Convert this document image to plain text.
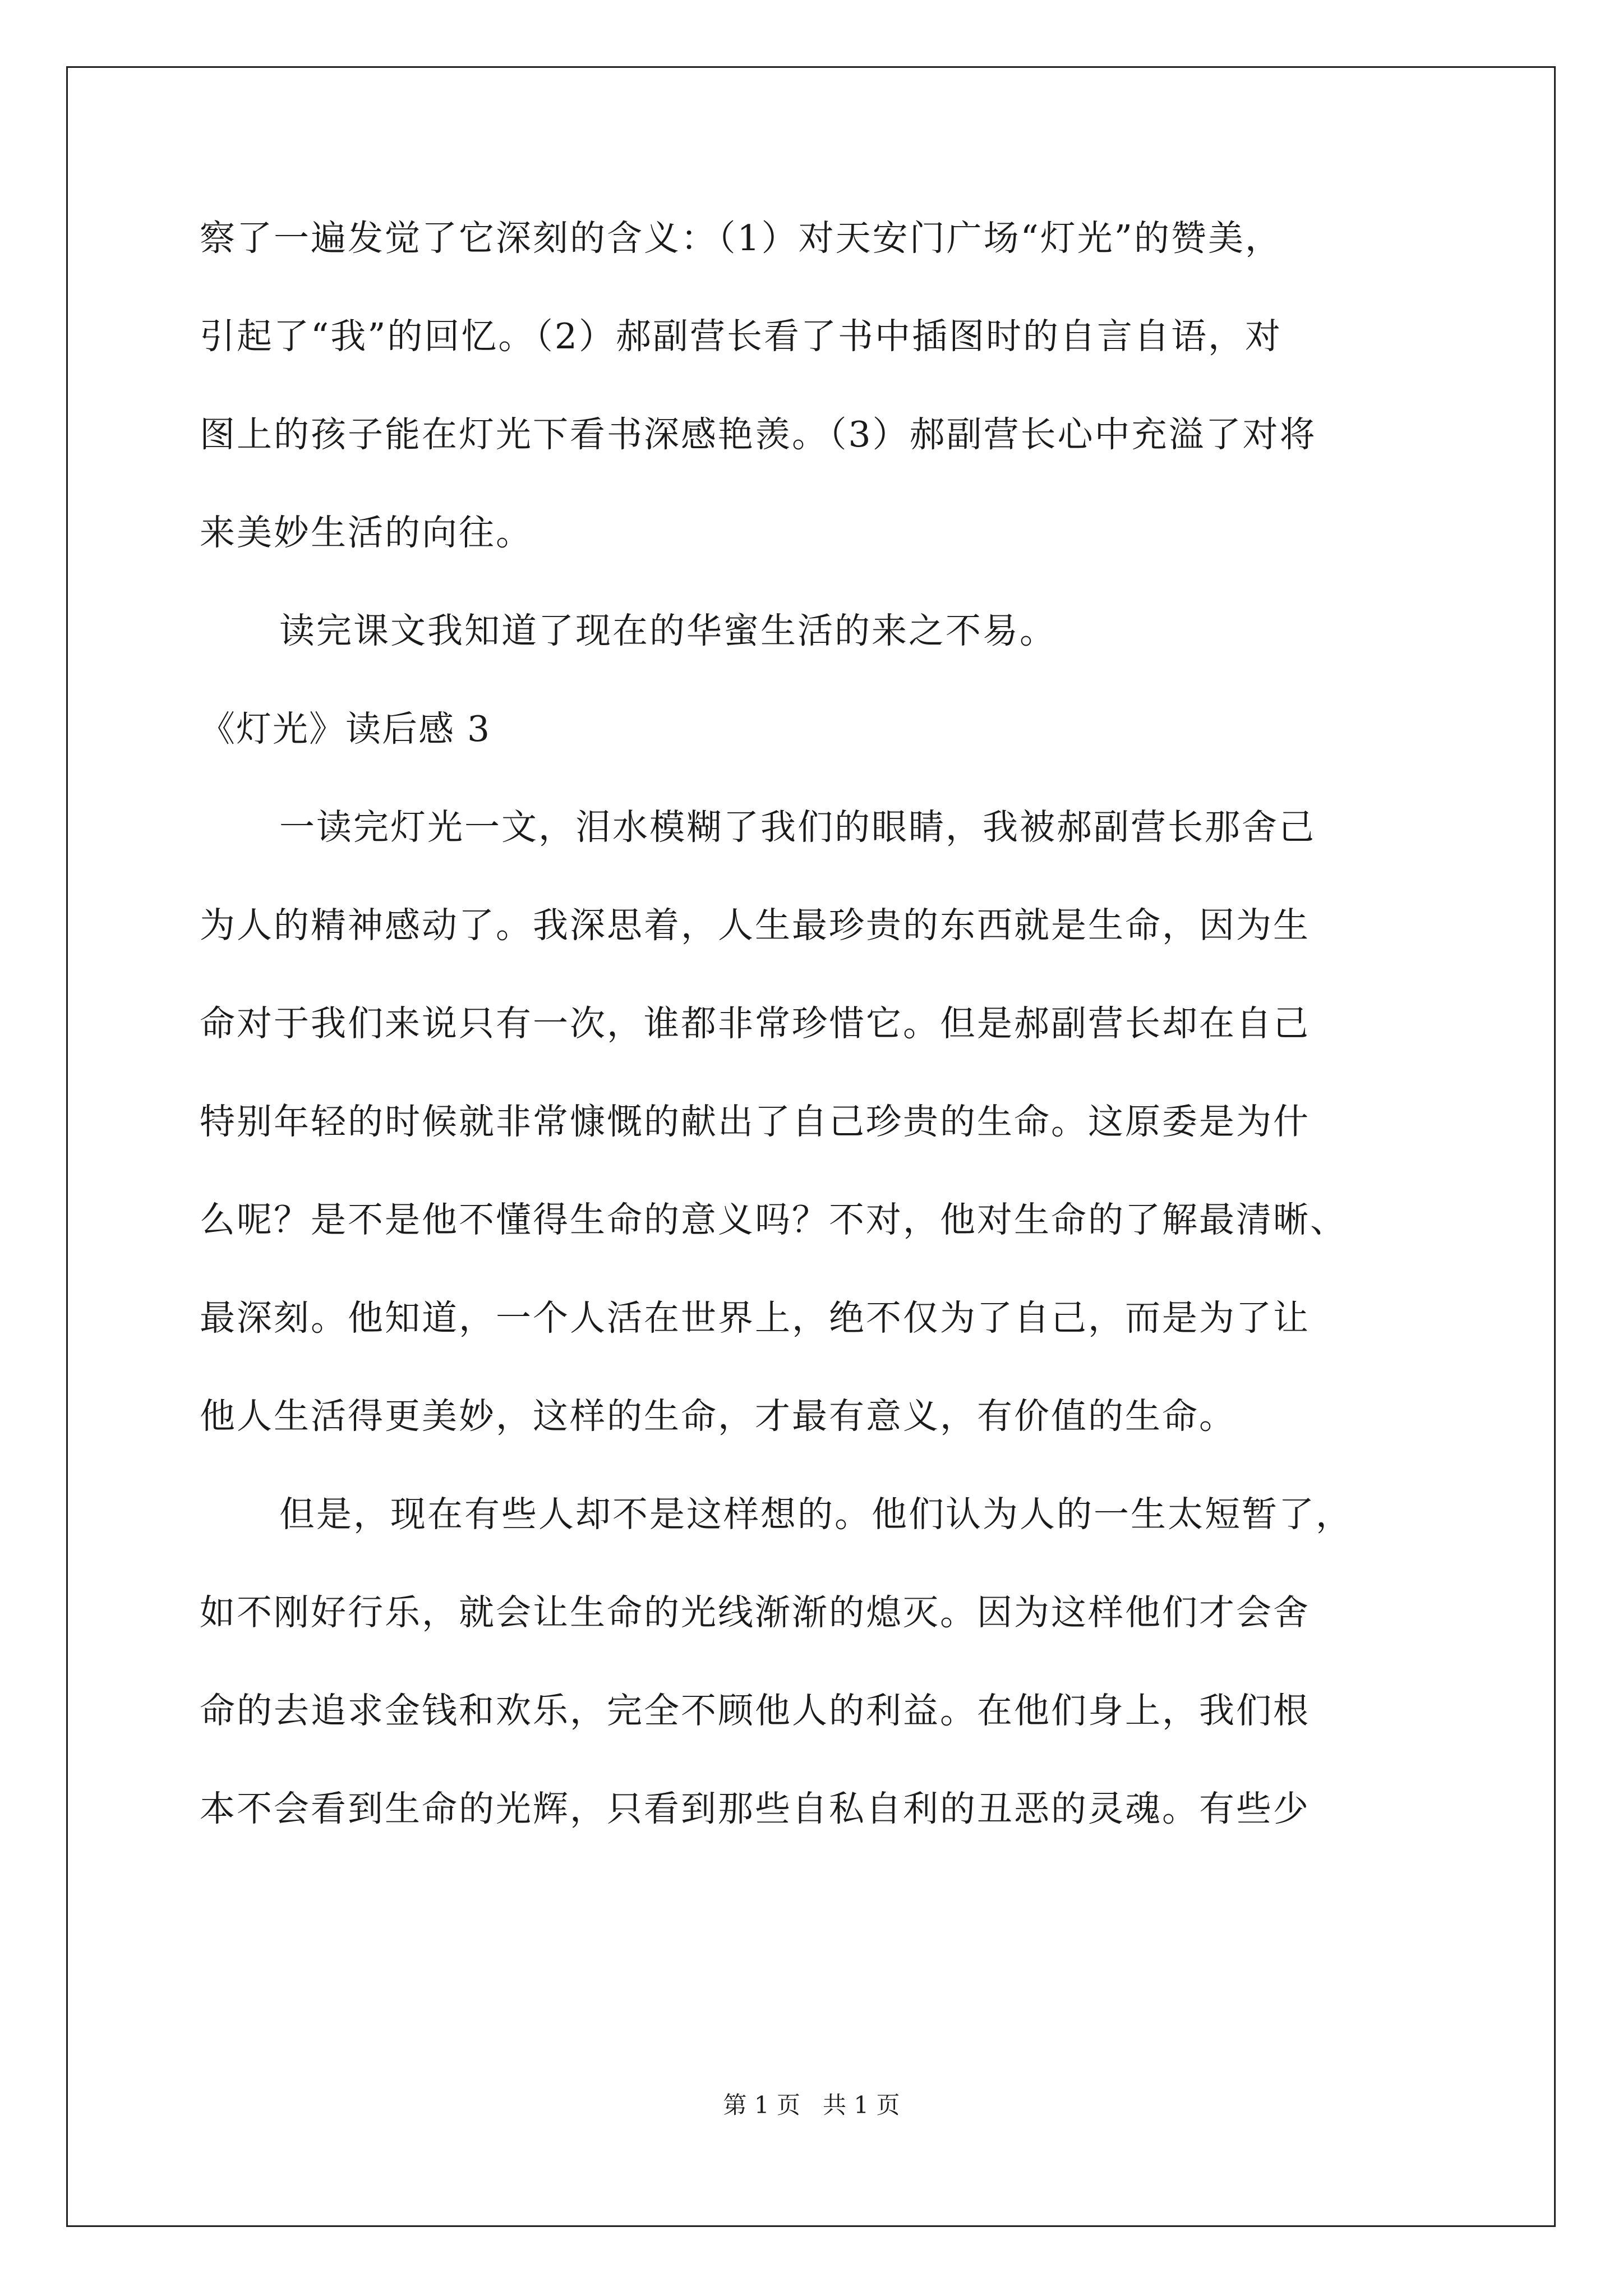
察了一遍发觉了它深刻的含义：（1）对天安门广场“灯光”的赞美，
引起了“我”的回忆。（2）郝副营长看了书中插图时的自言自语，对
图上的孩子能在灯光下看书深感艳羡。（3）郝副营长心中充溢了对将
来美妙生活的向往。
读完课文我知道了现在的华蜜生活的来之不易。
《灯光》读后感 3
一读完灯光一文，泪水模糊了我们的眼睛，我被郝副营长那舍己
为人的精神感动了。我深思着，人生最珍贵的东西就是生命，因为生
命对于我们来说只有一次，谁都非常珍惜它。但是郝副营长却在自己
特别年轻的时候就非常慷慨的献出了自己珍贵的生命。这原委是为什
么呢？是不是他不懂得生命的意义吗？不对，他对生命的了解最清晰、
最深刻。他知道，一个人活在世界上，绝不仅为了自己，而是为了让
他人生活得更美妙，这样的生命，才最有意义，有价值的生命。
但是，现在有些人却不是这样想的。他们认为人的一生太短暂了，
如不刚好行乐，就会让生命的光线渐渐的熄灭。因为这样他们才会舍
命的去追求金钱和欢乐，完全不顾他人的利益。在他们身上，我们根
本不会看到生命的光辉，只看到那些自私自利的丑恶的灵魂。有些少
第 1 页   共 1 页
